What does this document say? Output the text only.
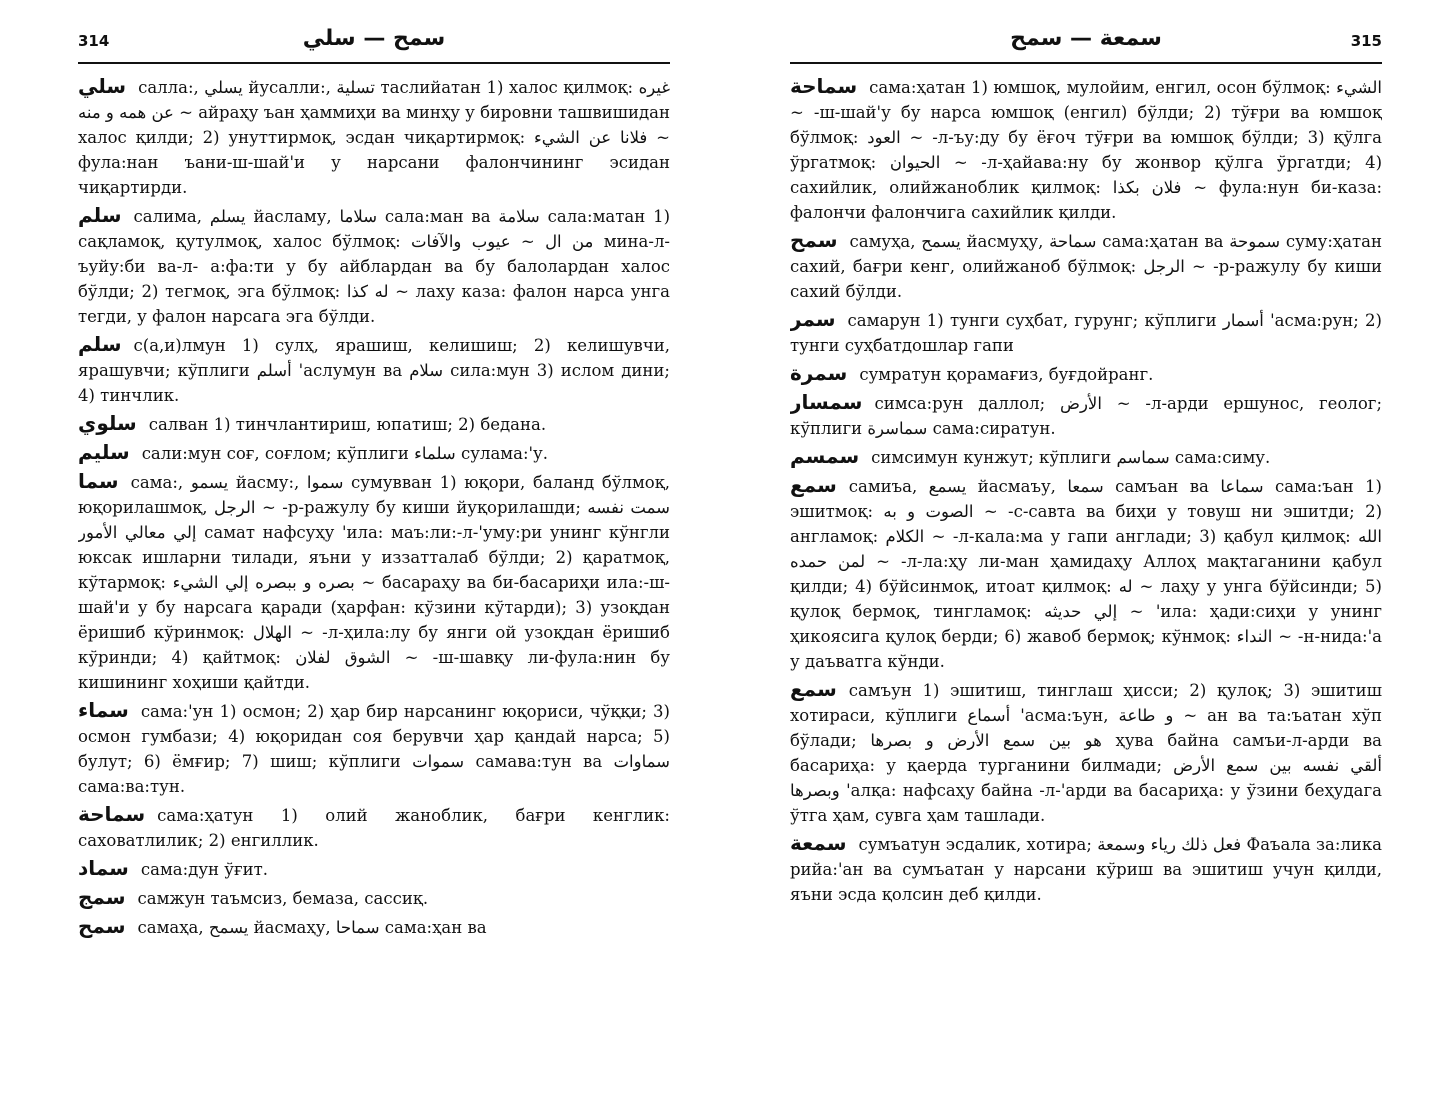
314	سمح — سلي

سلي салла:, يسلي йусалли:, تسلية таслийатан 1) халос қилмоқ: غيره عن همه و منه ~ айраҳу ъан ҳаммиҳи ва минҳу у бировни ташвишидан халос қилди; 2) унуттирмоқ, эсдан чиқартирмоқ: فلانا عن الشيء ~ фула:нан ъани-ш-шай'и у нарсани фалончининг эсидан чиқартирди.

سلم салима, يسلم йасламу, سلاما сала:ман ва سلامة сала:матан 1) сақламоқ, қутулмоқ, халос бўлмоқ: من ال ~ عيوب والآفات мина-л-ъуйу:би ва-л- а:фа:ти у бу айблардан ва бу балолардан халос бўлди; 2) тегмоқ, эга бўлмоқ: له كذا ~ лаху каза: фалон нарса унга тегди, у фалон нарсага эга бўлди.

سلم с(а,и)лмун 1) сулҳ, ярашиш, келишиш; 2) келишувчи, ярашувчи; кўплиги أسلم 'аслумун ва سلام сила:мун 3) ислом дини; 4) тинчлик.

سلوي салван 1) тинчлантириш, юпатиш; 2) бедана.

سليم сали:мун соғ, соғлом; кўплиги سلماء сулама:'у.

سما сама:, يسمو йасму:, سموا сумувван 1) юқори, баланд бўлмоқ, юқорилашмоқ, الرجل ~ -р-ражулу бу киши йуқорилашди; سمت نفسه إلي معالي الأمور самат нафсуҳу 'ила: маъ:ли:-л-'уму:ри унинг кўнгли юксак ишларни тилади, яъни у иззатталаб бўлди; 2) қаратмоқ, кўтармоқ: بصره و ببصره إلي الشيء ~ басараҳу ва би-басариҳи ила:-ш-шай'и у бу нарсага қаради (ҳарфан: кўзини кўтарди); 3) узоқдан ёришиб кўринмоқ: الهلال ~ -л-ҳила:лу бу янги ой узоқдан ёришиб кўринди; 4) қайтмоқ: الشوق لفلان ~ -ш-шавқу ли-фула:нин бу кишининг хоҳиши қайтди.

سماء сама:'ун 1) осмон; 2) ҳар бир нарсанинг юқориси, чўққи; 3) осмон гумбази; 4) юқоридан соя берувчи ҳар қандай нарса; 5) булут; 6) ёмғир; 7) шиш; кўплиги سموات самава:тун ва سماوات сама:ва:тун.

سماحة сама:ҳатун 1) олий жаноблик, бағри кенглик: саховатлилик; 2) енгиллик.

سماد сама:дун ўғит.

سمج самжун таъмсиз, бемаза, сассиқ.

سمح самаҳа, يسمح йасмаҳу, سماحا сама:ҳан ва

سمعة — سمح	315

سماحة сама:ҳатан 1) юмшоқ, мулойим, енгил, осон бўлмоқ: الشيء ~ -ш-шай'у бу нарса юмшоқ (енгил) бўлди; 2) тўғри ва юмшоқ бўлмоқ: العود ~ -л-ъу:ду бу ёғоч тўғри ва юмшоқ бўлди; 3) қўлга ўргатмоқ: الحيوان ~ -л-ҳайава:ну бу жонвор қўлга ўргатди; 4) сахийлик, олийжаноблик қилмоқ: فلان بكذا ~ фула:нун би-каза: фалончи фалончига сахийлик қилди.

سمح самуҳа, يسمح йасмуҳу, سماحة сама:ҳатан ва سموحة суму:ҳатан сахий, бағри кенг, олийжаноб бўлмоқ: الرجل ~ -р-ражулу бу киши сахий бўлди.

سمر самарун 1) тунги суҳбат, гурунг; кўплиги أسمار 'асма:рун; 2) тунги суҳбатдошлар гапи

سمرة сумратун қорамағиз, буғдойранг.

سمسار симса:рун даллол; الأرض ~ -л-арди ершунос, геолог; кўплиги سماسرة сама:сиратун.

سمسم симсимун кунжут; кўплиги سماسم сама:симу.

سمع самиъа, يسمع йасмаъу, سمعا самъан ва سماعا сама:ъан 1) эшитмоқ: الصوت و به ~ -с-савта ва биҳи у товуш ни эшитди; 2) англамоқ: الكلام ~ -л-кала:ма у гапи англади; 3) қабул қилмоқ: الله لمن حمده ~ -л-ла:ҳу ли-ман ҳамидаҳу Аллоҳ мақтаганини қабул қилди; 4) бўйсинмоқ, итоат қилмоқ: له ~ лаҳу у унга бўйсинди; 5) қулоқ бермоқ, тингламоқ: إلي حديثه ~ 'ила: ҳади:сиҳи у унинг ҳикоясига қулоқ берди; 6) жавоб бермоқ; кўнмоқ: النداء ~ -н-нида:'а у даъватга кўнди.

سمع самъун 1) эшитиш, тинглаш ҳисси; 2) қулоқ; 3) эшитиш хотираси, кўплиги أسماع 'асма:ъун, و طاعة ~ ан ва та:ъатан хўп бўлади; هو بين سمع الأرض و بصرها ҳува байна самъи-л-арди ва басариҳа: у қаерда турганини билмади; ألقي نفسه بين سمع الأرض وبصرها 'алқа: нафсаҳу байна -л-'арди ва басариҳа: у ўзини беҳудага ўтга ҳам, сувга ҳам ташлади.

سمعة сумъатун эсдалик, хотира; فعل ذلك رياء وسمعة Фаъала за:лика рийа:'ан ва сумъатан у нарсани кўриш ва эшитиш учун қилди, яъни эсда қолсин деб қилди.
